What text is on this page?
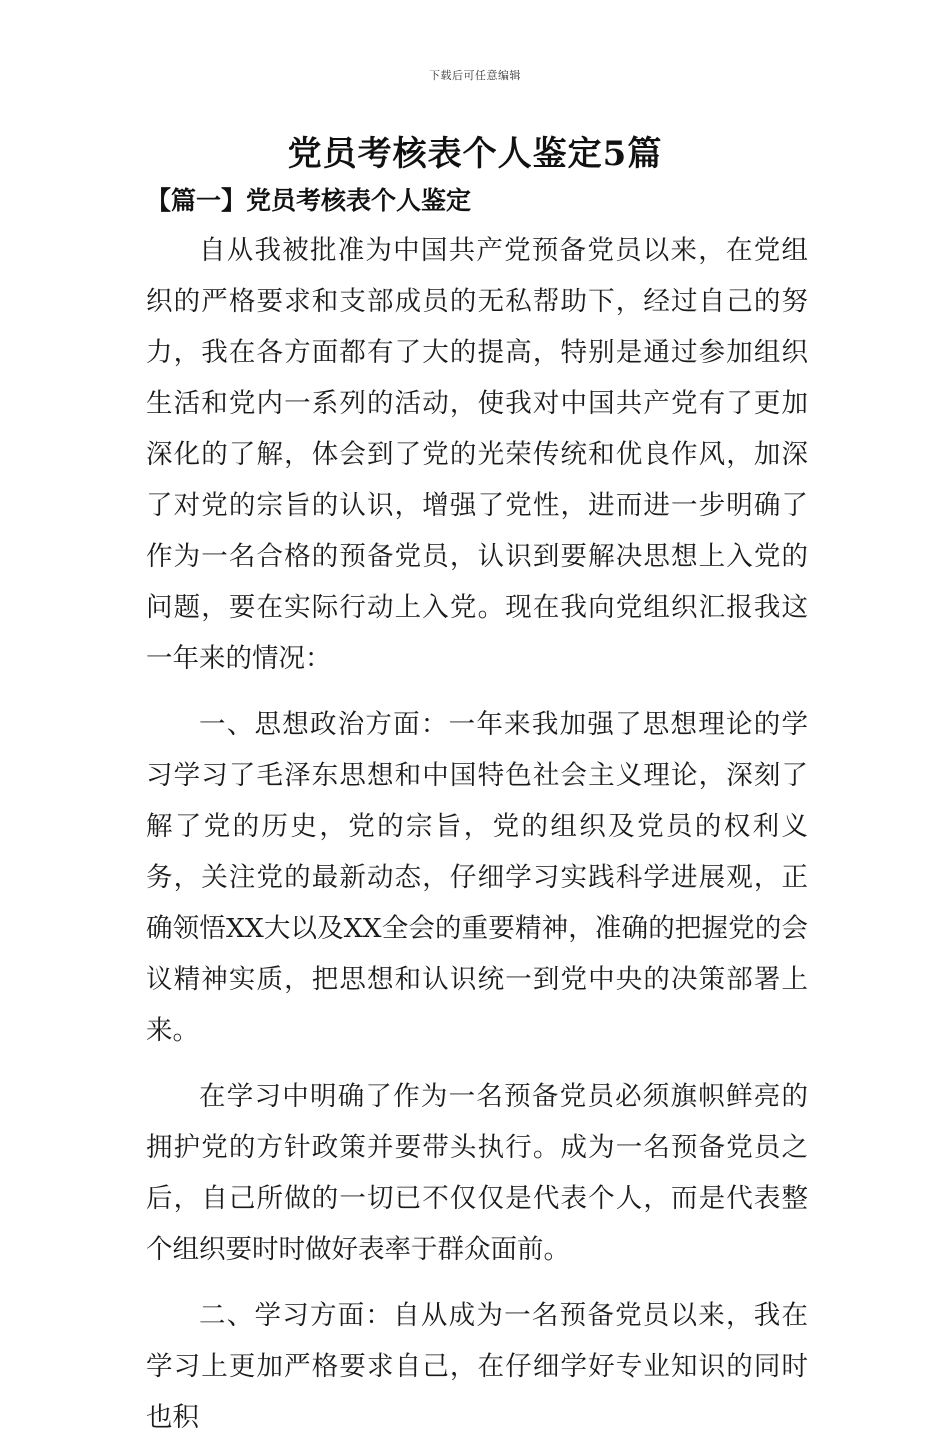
下载后可任意编辑
党员考核表个人鉴定5篇
【篇一】党员考核表个人鉴定

自从我被批准为中国共产党预备党员以来，在党组织的严格要求和支部成员的无私帮助下，经过自己的努力，我在各方面都有了大的提高，特别是通过参加组织生活和党内一系列的活动，使我对中国共产党有了更加深化的了解，体会到了党的光荣传统和优良作风，加深了对党的宗旨的认识，增强了党性，进而进一步明确了作为一名合格的预备党员，认识到要解决思想上入党的问题，要在实际行动上入党。现在我向党组织汇报我这一年来的情况：

一、思想政治方面：一年来我加强了思想理论的学习学习了毛泽东思想和中国特色社会主义理论，深刻了解了党的历史，党的宗旨，党的组织及党员的权利义务，关注党的最新动态，仔细学习实践科学进展观，正确领悟XX大以及XX全会的重要精神，准确的把握党的会议精神实质，把思想和认识统一到党中央的决策部署上来。

在学习中明确了作为一名预备党员必须旗帜鲜亮的拥护党的方针政策并要带头执行。成为一名预备党员之后，自己所做的一切已不仅仅是代表个人，而是代表整个组织要时时做好表率于群众面前。

二、学习方面：自从成为一名预备党员以来，我在学习上更加严格要求自己，在仔细学好专业知识的同时也积
